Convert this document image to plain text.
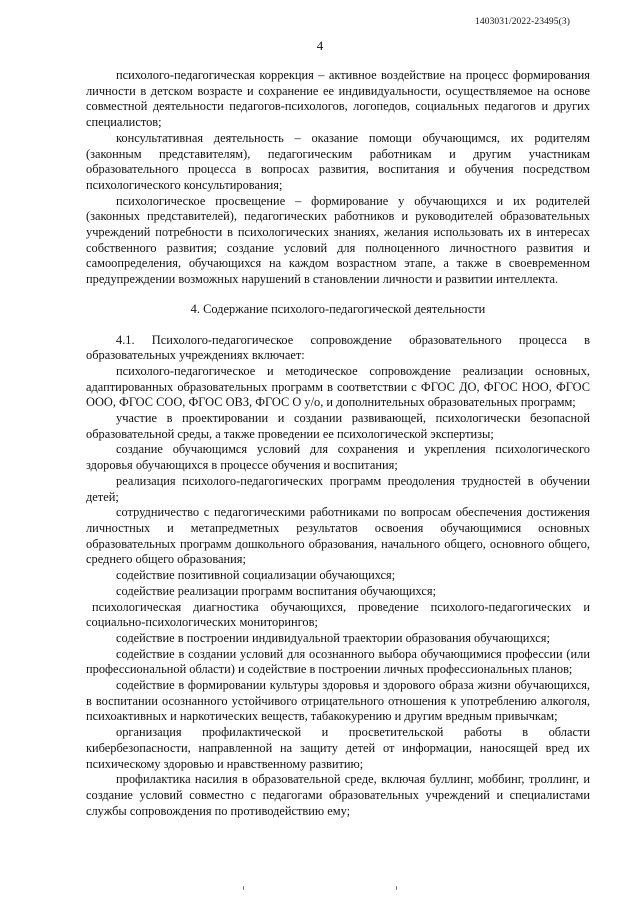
1403031/2022-23495(3)
4

психолого-педагогическая коррекция – активное воздействие на процесс формирования личности в детском возрасте и сохранение ее индивидуальности, осуществляемое на основе совместной деятельности педагогов-психологов, логопедов, социальных педагогов и других специалистов;

консультативная деятельность – оказание помощи обучающимся, их родителям (законным представителям), педагогическим работникам и другим участникам образовательного процесса в вопросах развития, воспитания и обучения посредством психологического консультирования;

психологическое просвещение – формирование у обучающихся и их родителей (законных представителей), педагогических работников и руководителей образовательных учреждений потребности в психологических знаниях, желания использовать их в интересах собственного развития; создание условий для полноценного личностного развития и самоопределения, обучающихся на каждом возрастном этапе, а также в своевременном предупреждении возможных нарушений в становлении личности и развитии интеллекта.

4. Содержание психолого-педагогической деятельности

4.1. Психолого-педагогическое сопровождение образовательного процесса в образовательных учреждениях включает:

психолого-педагогическое и методическое сопровождение реализации основных, адаптированных образовательных программ в соответствии с ФГОС ДО, ФГОС НОО, ФГОС ООО, ФГОС СОО, ФГОС ОВЗ, ФГОС О у/о, и дополнительных образовательных программ;

участие в проектировании и создании развивающей, психологически безопасной образовательной среды, а также проведении ее психологической экспертизы;

создание обучающимся условий для сохранения и укрепления психологического здоровья обучающихся в процессе обучения и воспитания;

реализация психолого-педагогических программ преодоления трудностей в обучении детей;

сотрудничество с педагогическими работниками по вопросам обеспечения достижения личностных и метапредметных результатов освоения обучающимися основных образовательных программ дошкольного образования, начального общего, основного общего, среднего общего образования;

содействие позитивной социализации обучающихся;

содействие реализации программ воспитания обучающихся;

психологическая диагностика обучающихся, проведение психолого-педагогических и социально-психологических мониторингов;

содействие в построении индивидуальной траектории образования обучающихся;

содействие в создании условий для осознанного выбора обучающимися профессии (или профессиональной области) и содействие в построении личных профессиональных планов;

содействие в формировании культуры здоровья и здорового образа жизни обучающихся, в воспитании осознанного устойчивого отрицательного отношения к употреблению алкоголя, психоактивных и наркотических веществ, табакокурению и другим вредным привычкам;

организация профилактической и просветительской работы в области кибербезопасности, направленной на защиту детей от информации, наносящей вред их психическому здоровью и нравственному развитию;

профилактика насилия в образовательной среде, включая буллинг, моббинг, троллинг, и создание условий совместно с педагогами образовательных учреждений и специалистами службы сопровождения по противодействию ему;
